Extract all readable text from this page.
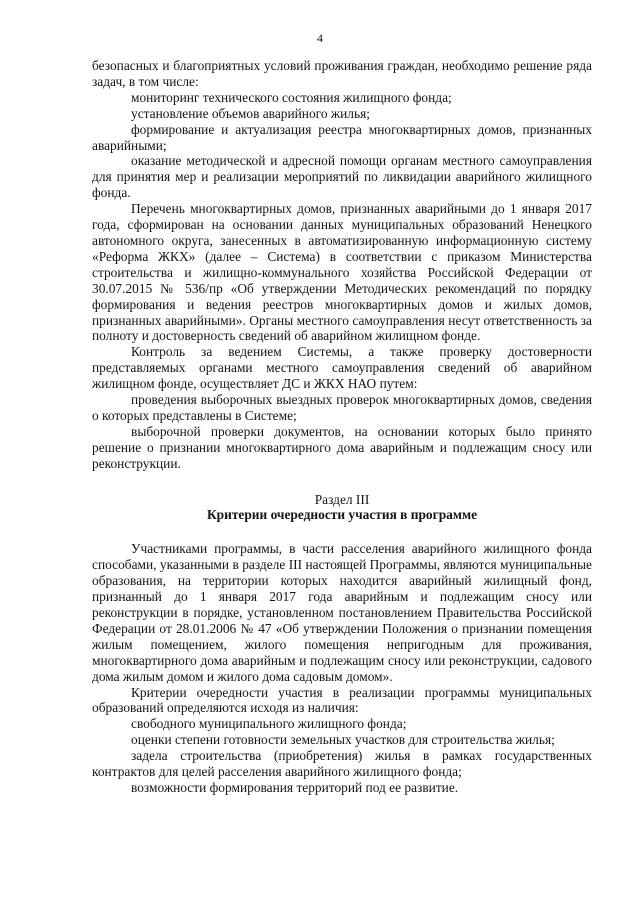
4

безопасных и благоприятных условий проживания граждан, необходимо решение ряда задач, в том числе:

мониторинг технического состояния жилищного фонда;

установление объемов аварийного жилья;

формирование и актуализация реестра многоквартирных домов, признанных аварийными;

оказание методической и адресной помощи органам местного самоуправления для принятия мер и реализации мероприятий по ликвидации аварийного жилищного фонда.

Перечень многоквартирных домов, признанных аварийными до 1 января 2017 года, сформирован на основании данных муниципальных образований Ненецкого автономного округа, занесенных в автоматизированную информационную систему «Реформа ЖКХ» (далее – Система) в соответствии с приказом Министерства строительства и жилищно-коммунального хозяйства Российской Федерации от 30.07.2015 № 536/пр «Об утверждении Методических рекомендаций по порядку формирования и ведения реестров многоквартирных домов и жилых домов, признанных аварийными». Органы местного самоуправления несут ответственность за полноту и достоверность сведений об аварийном жилищном фонде.

Контроль за ведением Системы, а также проверку достоверности представляемых органами местного самоуправления сведений об аварийном жилищном фонде, осуществляет ДС и ЖКХ НАО путем:

проведения выборочных выездных проверок многоквартирных домов, сведения о которых представлены в Системе;

выборочной проверки документов, на основании которых было принято решение о признании многоквартирного дома аварийным и подлежащим сносу или реконструкции.

Раздел III

Критерии очередности участия в программе

Участниками программы, в части расселения аварийного жилищного фонда способами, указанными в разделе III настоящей Программы, являются муниципальные образования, на территории которых находится аварийный жилищный фонд, признанный до 1 января 2017 года аварийным и подлежащим сносу или реконструкции в порядке, установленном постановлением Правительства Российской Федерации от 28.01.2006 № 47 «Об утверждении Положения о признании помещения жилым помещением, жилого помещения непригодным для проживания, многоквартирного дома аварийным и подлежащим сносу или реконструкции, садового дома жилым домом и жилого дома садовым домом».

Критерии очередности участия в реализации программы муниципальных образований определяются исходя из наличия:

свободного муниципального жилищного фонда;

оценки степени готовности земельных участков для строительства жилья;

задела строительства (приобретения) жилья в рамках государственных контрактов для целей расселения аварийного жилищного фонда;

возможности формирования территорий под ее развитие.
